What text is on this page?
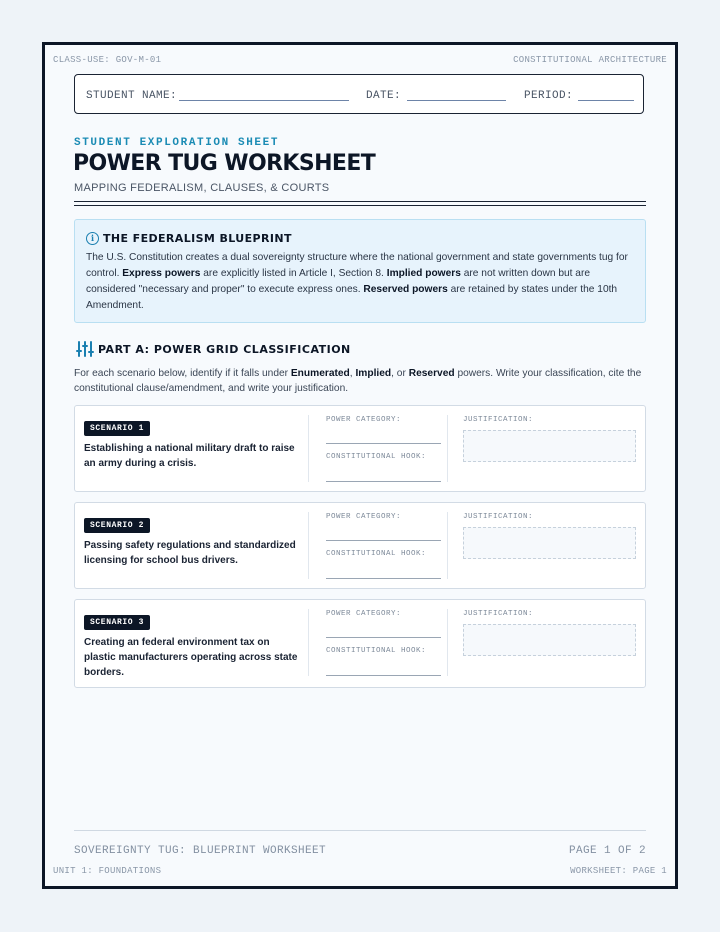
CLASS-USE: GOV-M-01	CONSTITUTIONAL ARCHITECTURE
UNIT 1: FOUNDATIONS	WORKSHEET: PAGE 1
STUDENT NAME:	DATE:	PERIOD:
STUDENT EXPLORATION SHEET
POWER TUG WORKSHEET
MAPPING FEDERALISM, CLAUSES, & COURTS
i THE FEDERALISM BLUEPRINT
The U.S. Constitution creates a dual sovereignty structure where the national government and state governments tug for control. Express powers are explicitly listed in Article I, Section 8. Implied powers are not written down but are considered "necessary and proper" to execute express ones. Reserved powers are retained by states under the 10th Amendment.
PART A: POWER GRID CLASSIFICATION
For each scenario below, identify if it falls under Enumerated, Implied, or Reserved powers. Write your classification, cite the constitutional clause/amendment, and write your justification.
SCENARIO 1
Establishing a national military draft to raise an army during a crisis.
POWER CATEGORY:
CONSTITUTIONAL HOOK:
JUSTIFICATION:
SCENARIO 2
Passing safety regulations and standardized licensing for school bus drivers.
POWER CATEGORY:
CONSTITUTIONAL HOOK:
JUSTIFICATION:
SCENARIO 3
Creating an federal environment tax on plastic manufacturers operating across state borders.
POWER CATEGORY:
CONSTITUTIONAL HOOK:
JUSTIFICATION:
SOVEREIGNTY TUG: BLUEPRINT WORKSHEET	PAGE 1 OF 2
